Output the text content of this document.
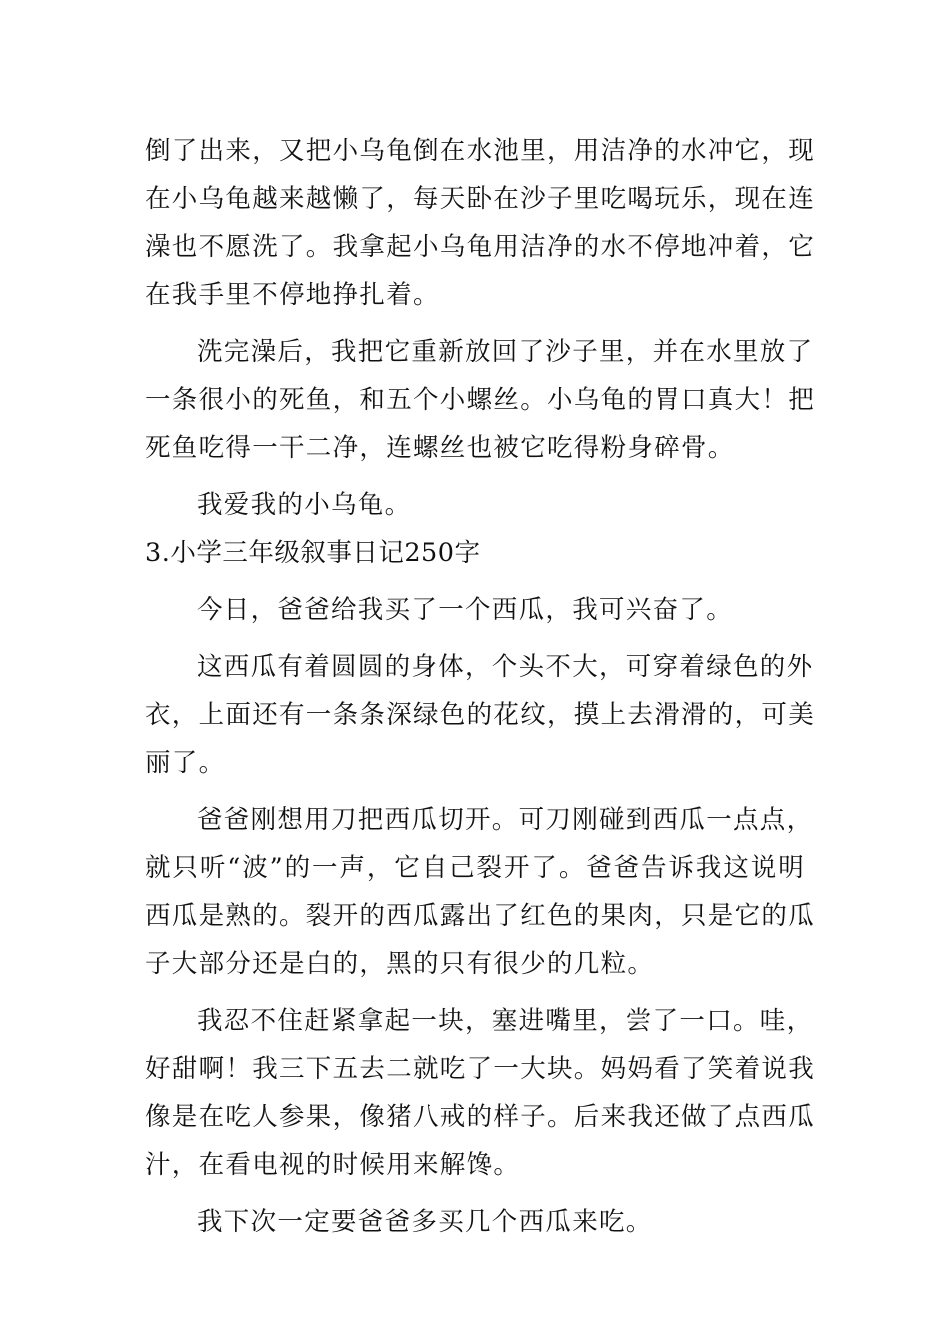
倒了出来，又把小乌龟倒在水池里，用洁净的水冲它，现
在小乌龟越来越懒了，每天卧在沙子里吃喝玩乐，现在连
澡也不愿洗了。我拿起小乌龟用洁净的水不停地冲着，它
在我手里不停地挣扎着。
洗完澡后，我把它重新放回了沙子里，并在水里放了
一条很小的死鱼，和五个小螺丝。小乌龟的胃口真大！把
死鱼吃得一干二净，连螺丝也被它吃得粉身碎骨。
我爱我的小乌龟。
3.小学三年级叙事日记250字
今日，爸爸给我买了一个西瓜，我可兴奋了。
这西瓜有着圆圆的身体，个头不大，可穿着绿色的外
衣，上面还有一条条深绿色的花纹，摸上去滑滑的，可美
丽了。
爸爸刚想用刀把西瓜切开。可刀刚碰到西瓜一点点，
就只听“波”的一声，它自己裂开了。爸爸告诉我这说明
西瓜是熟的。裂开的西瓜露出了红色的果肉，只是它的瓜
子大部分还是白的，黑的只有很少的几粒。
我忍不住赶紧拿起一块，塞进嘴里，尝了一口。哇，
好甜啊！我三下五去二就吃了一大块。妈妈看了笑着说我
像是在吃人参果，像猪八戒的样子。后来我还做了点西瓜
汁，在看电视的时候用来解馋。
我下次一定要爸爸多买几个西瓜来吃。
